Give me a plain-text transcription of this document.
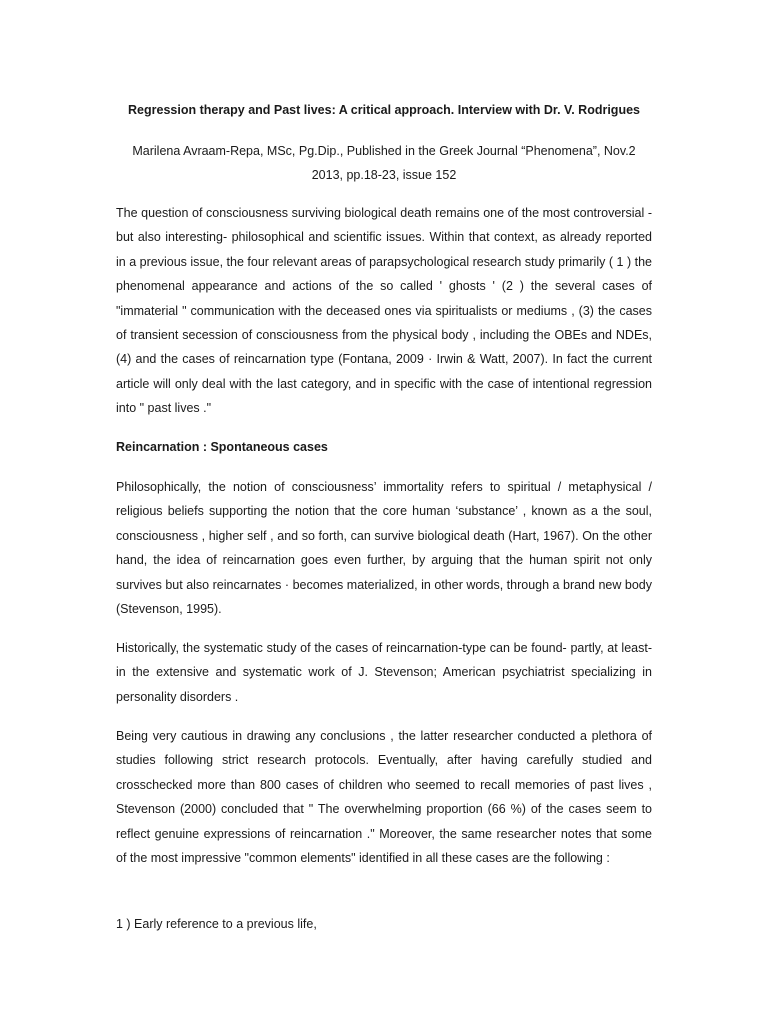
Regression therapy and Past lives: A critical approach. Interview with Dr. V. Rodrigues

Marilena Avraam-Repa, MSc, Pg.Dip., Published in the Greek Journal “Phenomena”, Nov.2 2013, pp.18-23, issue 152

The question of consciousness surviving biological death remains one of the most controversial - but also interesting- philosophical and scientific issues. Within that context, as already reported in a previous issue, the four relevant areas of parapsychological research study primarily ( 1 ) the phenomenal appearance and actions of the so called ' ghosts ' (2 ) the several cases of "immaterial " communication with the deceased ones via spiritualists or mediums , (3) the cases of transient secession of consciousness from the physical body , including the OBEs and NDEs, (4) and the cases of reincarnation type (Fontana, 2009 · Irwin & Watt, 2007). In fact the current article will only deal with the last category, and in specific with the case of intentional regression into " past lives ."

Reincarnation : Spontaneous cases

Philosophically, the notion of consciousness’ immortality refers to spiritual / metaphysical / religious beliefs supporting the notion that the core human ‘substance’ , known as a the soul, consciousness , higher self , and so forth, can survive biological death (Hart, 1967). On the other hand, the idea of reincarnation goes even further, by arguing that the human spirit not only survives but also reincarnates · becomes materialized, in other words, through a brand new body (Stevenson, 1995).

Historically, the systematic study of the cases of reincarnation-type can be found- partly, at least- in the extensive and systematic work of J. Stevenson; American psychiatrist specializing in personality disorders .

Being very cautious in drawing any conclusions , the latter researcher conducted a plethora of studies following strict research protocols. Eventually, after having carefully studied and crosschecked more than 800 cases of children who seemed to recall memories of past lives , Stevenson (2000) concluded that " The overwhelming proportion (66 %) of the cases seem to reflect genuine expressions of reincarnation ." Moreover, the same researcher notes that some of the most impressive "common elements" identified in all these cases are the following :

1 ) Early reference to a previous life,
